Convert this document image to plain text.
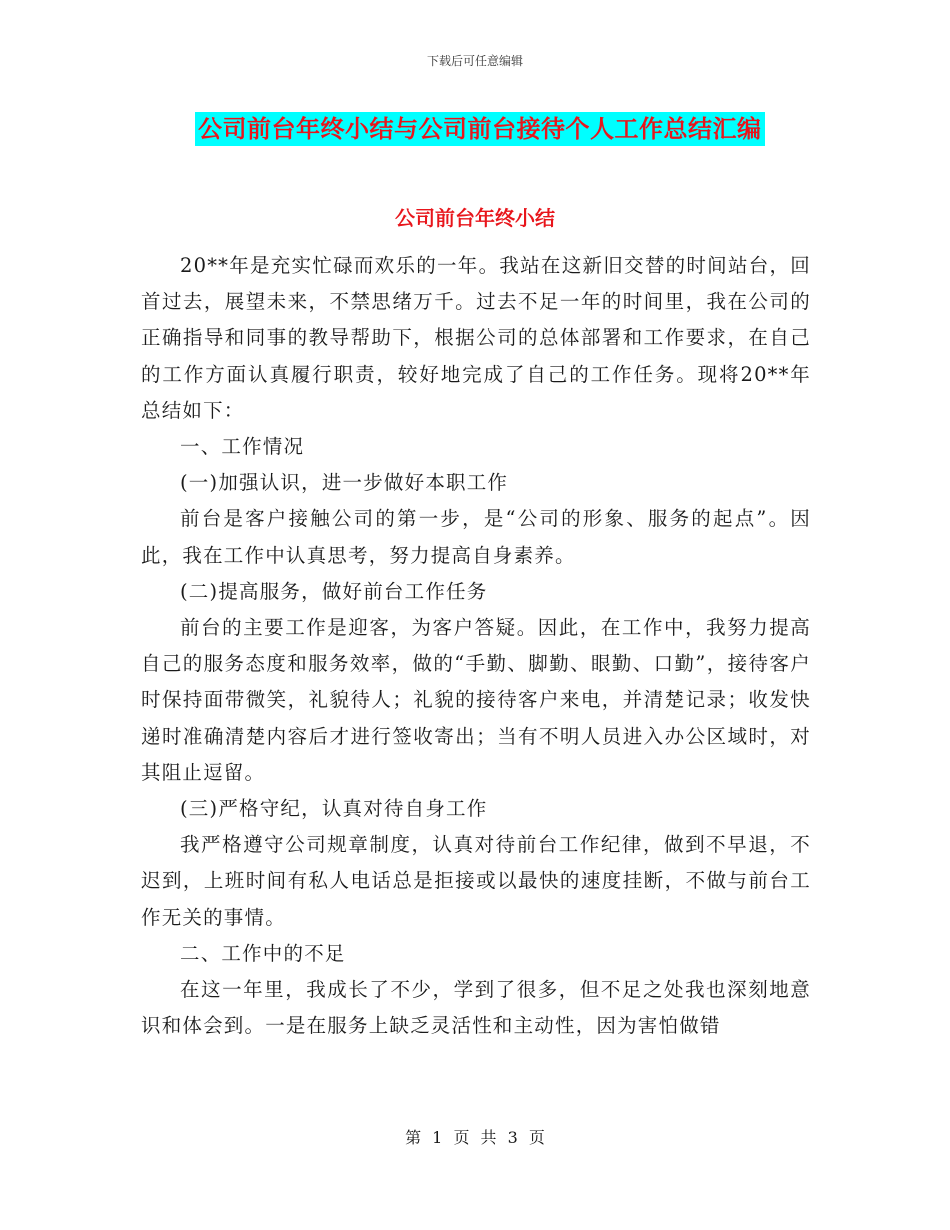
下载后可任意编辑
公司前台年终小结与公司前台接待个人工作总结汇编
公司前台年终小结

20**年是充实忙碌而欢乐的一年。我站在这新旧交替的时间站台，回首过去，展望未来，不禁思绪万千。过去不足一年的时间里，我在公司的正确指导和同事的教导帮助下，根据公司的总体部署和工作要求，在自己的工作方面认真履行职责，较好地完成了自己的工作任务。现将20**年总结如下：

一、工作情况

(一)加强认识，进一步做好本职工作

前台是客户接触公司的第一步，是“公司的形象、服务的起点”。因此，我在工作中认真思考，努力提高自身素养。

(二)提高服务，做好前台工作任务

前台的主要工作是迎客，为客户答疑。因此，在工作中，我努力提高自己的服务态度和服务效率，做的“手勤、脚勤、眼勤、口勤”，接待客户时保持面带微笑，礼貌待人；礼貌的接待客户来电，并清楚记录；收发快递时准确清楚内容后才进行签收寄出；当有不明人员进入办公区域时，对其阻止逗留。

(三)严格守纪，认真对待自身工作

我严格遵守公司规章制度，认真对待前台工作纪律，做到不早退，不迟到，上班时间有私人电话总是拒接或以最快的速度挂断，不做与前台工作无关的事情。

二、工作中的不足

在这一年里，我成长了不少，学到了很多，但不足之处我也深刻地意识和体会到。一是在服务上缺乏灵活性和主动性，因为害怕做错

第 1 页 共 3 页
